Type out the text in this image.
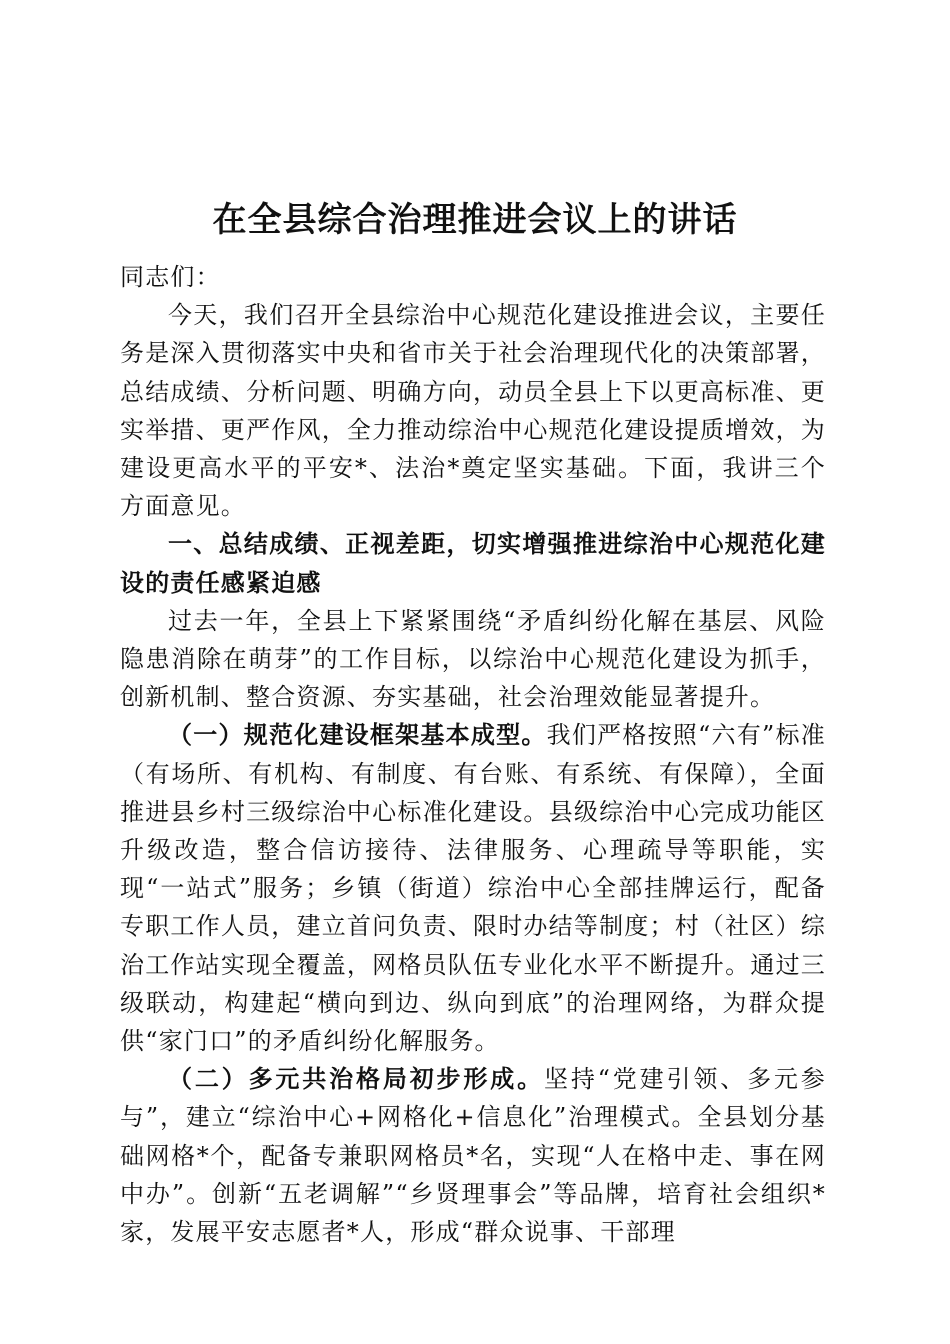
在全县综合治理推进会议上的讲话

同志们：

今天，我们召开全县综治中心规范化建设推进会议，主要任务是深入贯彻落实中央和省市关于社会治理现代化的决策部署，总结成绩、分析问题、明确方向，动员全县上下以更高标准、更实举措、更严作风，全力推动综治中心规范化建设提质增效，为建设更高水平的平安*、法治*奠定坚实基础。下面，我讲三个方面意见。

一、总结成绩、正视差距，切实增强推进综治中心规范化建设的责任感紧迫感

过去一年，全县上下紧紧围绕“矛盾纠纷化解在基层、风险隐患消除在萌芽”的工作目标，以综治中心规范化建设为抓手，创新机制、整合资源、夯实基础，社会治理效能显著提升。

（一）规范化建设框架基本成型。我们严格按照“六有”标准（有场所、有机构、有制度、有台账、有系统、有保障），全面推进县乡村三级综治中心标准化建设。县级综治中心完成功能区升级改造，整合信访接待、法律服务、心理疏导等职能，实现“一站式”服务；乡镇（街道）综治中心全部挂牌运行，配备专职工作人员，建立首问负责、限时办结等制度；村（社区）综治工作站实现全覆盖，网格员队伍专业化水平不断提升。通过三级联动，构建起“横向到边、纵向到底”的治理网络，为群众提供“家门口”的矛盾纠纷化解服务。

（二）多元共治格局初步形成。坚持“党建引领、多元参与”，建立“综治中心+网格化+信息化”治理模式。全县划分基础网格*个，配备专兼职网格员*名，实现“人在格中走、事在网中办”。创新“五老调解”“乡贤理事会”等品牌，培育社会组织*家，发展平安志愿者*人，形成“群众说事、干部理
